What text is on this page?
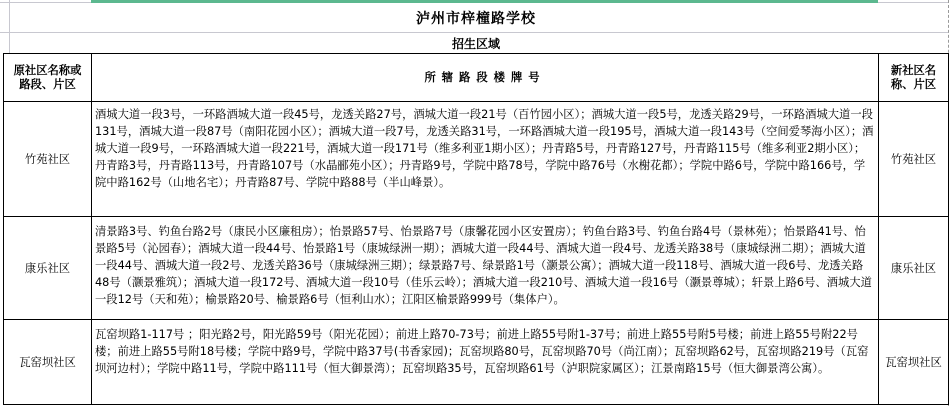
泸州市梓橦路学校
招生区域
原社区名称或路段、片区	所辖路段楼牌号	新社区名称、片区
竹苑社区	酒城大道一段3号，一环路酒城大道一段45号，龙透关路27号，酒城大道一段21号（百竹园小区）；酒城大道一段5号，龙透关路29号，一环路酒城大道一段131号，酒城大道一段87号（南阳花园小区）；酒城大道一段7号，龙透关路31号，一环路酒城大道一段195号，酒城大道一段143号（空间爱琴海小区）；酒城大道一段9号，一环路酒城大道一段221号，酒城大道一段171号（维多利亚1期小区）；丹青路5号，丹青路127号，丹青路115号（维多利亚2期小区）；丹青路3号，丹青路113号，丹青路107号（水晶郦苑小区）；丹青路9号，学院中路78号，学院中路76号（水榭花都）；学院中路6号，学院中路166号，学院中路162号（山地名宅）；丹青路87号、学院中路88号（半山峰景）。	竹苑社区
康乐社区	清景路3号、钓鱼台路2号（康民小区廉租房）；怡景路57号、怡景路7号（康馨花园小区安置房）；钓鱼台路3号、钓鱼台路4号（景林苑）；怡景路41号、怡景路5号（沁园春）；酒城大道一段44号、怡景路1号（康城绿洲一期）；酒城大道一段44号、酒城大道一段4号、龙透关路38号（康城绿洲二期）；酒城大道一段44号、酒城大道一段2号、龙透关路36号（康城绿洲三期）；绿景路7号、绿景路1号（灏景公寓）；酒城大道一段118号、酒城大道一段6号、龙透关路48号（灏景雅筑）；酒城大道一段172号、酒城大道一段10号（佳乐云岭）；酒城大道一段210号、酒城大道一段16号（灏景尊城）；轩景上路6号、酒城大道一段12号（天和苑）；榆景路20号、榆景路6号（恒利山水）；江阳区榆景路999号（集体户）。	康乐社区
瓦窑坝社区	瓦窑坝路1-117号 ；阳光路2号，阳光路59号（阳光花园）；前进上路70-73号；前进上路55号附1-37号；前进上路55号附5号楼；前进上路55号附22号楼；前进上路55号附18号楼；学院中路9号，学院中路37号(书香家园)；瓦窑坝路80号，瓦窑坝路70号（尚江南）；瓦窑坝路62号，瓦窑坝路219号（瓦窑坝河边村）；学院中路11号，学院中路111号（恒大御景湾）；瓦窑坝路35号，瓦窑坝路61号（泸职院家属区）；江景南路15号（恒大御景湾公寓）。	瓦窑坝社区
